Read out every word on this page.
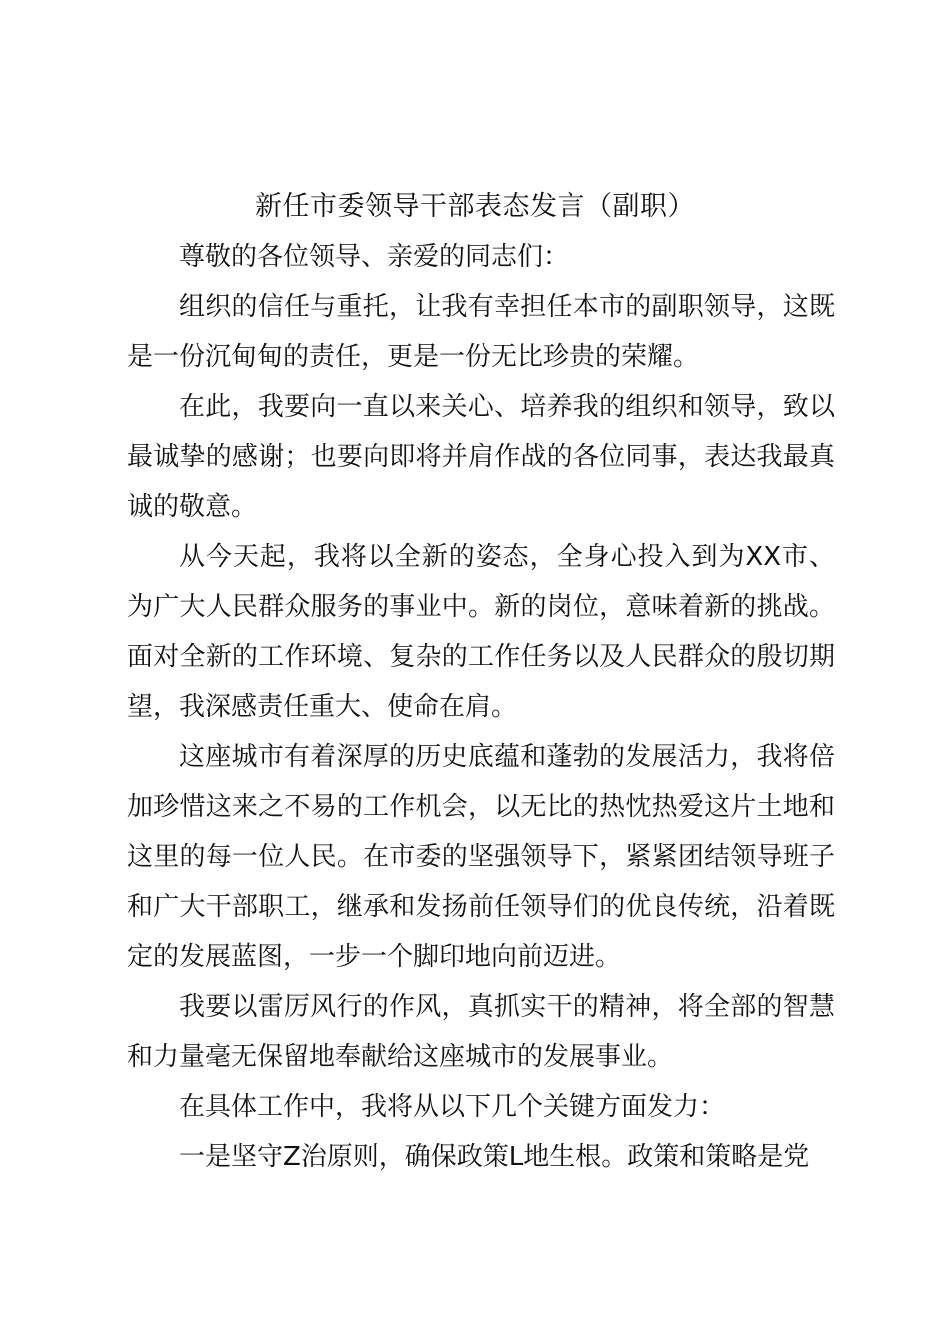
新任市委领导干部表态发言（副职）

尊敬的各位领导、亲爱的同志们：

组织的信任与重托，让我有幸担任本市的副职领导，这既是一份沉甸甸的责任，更是一份无比珍贵的荣耀。

在此，我要向一直以来关心、培养我的组织和领导，致以最诚挚的感谢；也要向即将并肩作战的各位同事，表达我最真诚的敬意。

从今天起，我将以全新的姿态，全身心投入到为XX市、为广大人民群众服务的事业中。新的岗位，意味着新的挑战。面对全新的工作环境、复杂的工作任务以及人民群众的殷切期望，我深感责任重大、使命在肩。

这座城市有着深厚的历史底蕴和蓬勃的发展活力，我将倍加珍惜这来之不易的工作机会，以无比的热忱热爱这片土地和这里的每一位人民。在市委的坚强领导下，紧紧团结领导班子和广大干部职工，继承和发扬前任领导们的优良传统，沿着既定的发展蓝图，一步一个脚印地向前迈进。

我要以雷厉风行的作风，真抓实干的精神，将全部的智慧和力量毫无保留地奉献给这座城市的发展事业。

在具体工作中，我将从以下几个关键方面发力：

一是坚守Z治原则，确保政策L地生根。政策和策略是党
